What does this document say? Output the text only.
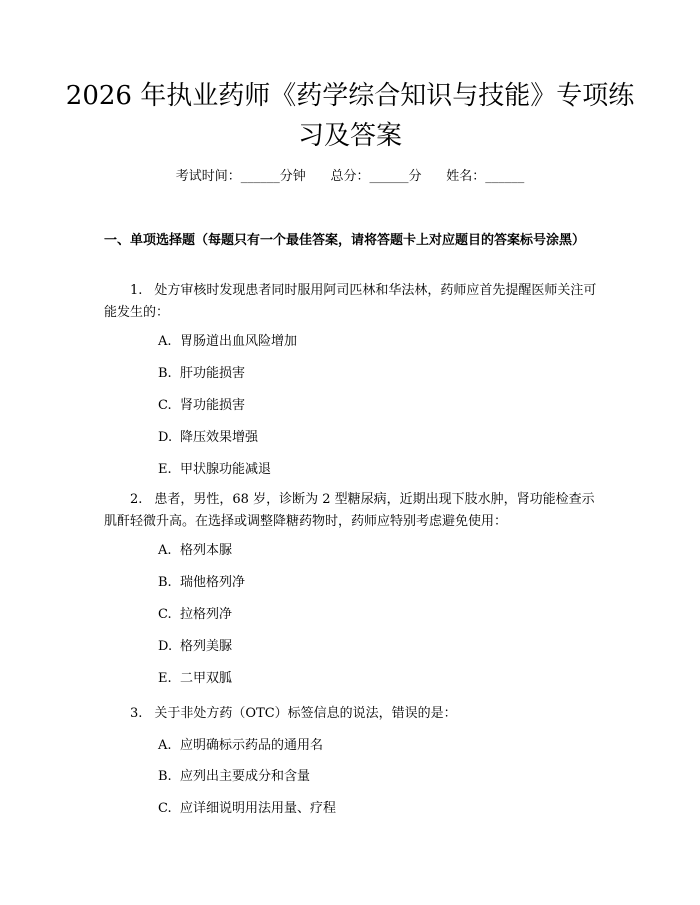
2026 年执业药师《药学综合知识与技能》专项练习及答案
考试时间：______分钟      总分：______分      姓名：______
一、单项选择题（每题只有一个最佳答案，请将答题卡上对应题目的答案标号涂黑）
1. 处方审核时发现患者同时服用阿司匹林和华法林，药师应首先提醒医师关注可能发生的：
A. 胃肠道出血风险增加
B. 肝功能损害
C. 肾功能损害
D. 降压效果增强
E. 甲状腺功能减退
2. 患者，男性，68 岁，诊断为 2 型糖尿病，近期出现下肢水肿，肾功能检查示肌酐轻微升高。在选择或调整降糖药物时，药师应特别考虑避免使用：
A. 格列本脲
B. 瑞他格列净
C. 拉格列净
D. 格列美脲
E. 二甲双胍
3. 关于非处方药（OTC）标签信息的说法，错误的是：
A. 应明确标示药品的通用名
B. 应列出主要成分和含量
C. 应详细说明用法用量、疗程
